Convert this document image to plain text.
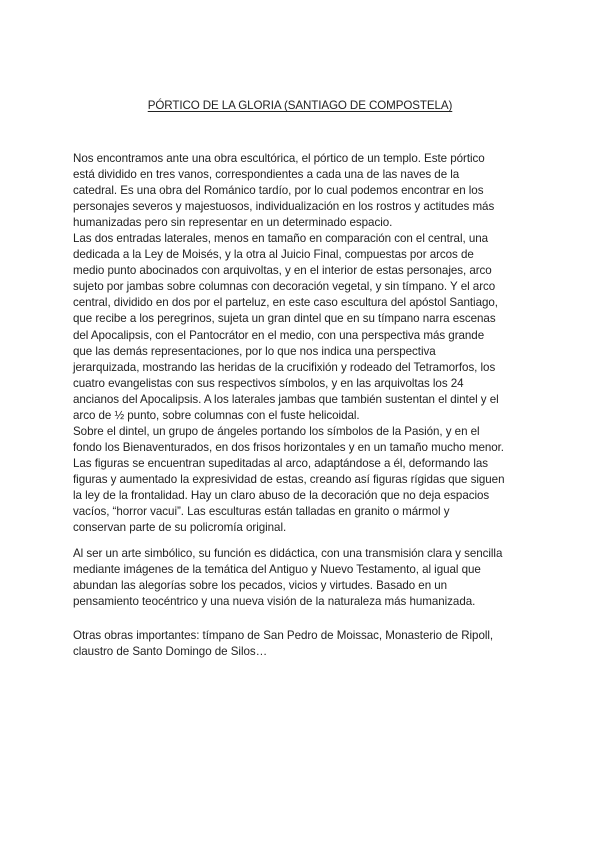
PÓRTICO DE LA GLORIA (SANTIAGO DE COMPOSTELA)
Nos encontramos ante una obra escultórica, el pórtico de un templo. Este pórtico
está dividido en tres vanos, correspondientes a cada una de las naves de la
catedral. Es una obra del Románico tardío, por lo cual podemos encontrar en los
personajes severos y majestuosos, individualización en los rostros y actitudes más
humanizadas pero sin representar en un determinado espacio.
Las dos entradas laterales, menos en tamaño en comparación con el central, una
dedicada a la Ley de Moisés, y la otra al Juicio Final, compuestas por arcos de
medio punto abocinados con arquivoltas, y en el interior de estas personajes, arco
sujeto por jambas sobre columnas con decoración vegetal, y sin tímpano. Y el arco
central, dividido en dos por el parteluz, en este caso escultura del apóstol Santiago,
que recibe a los peregrinos, sujeta un gran dintel que en su tímpano narra escenas
del Apocalipsis, con el Pantocrátor en el medio, con una perspectiva más grande
que las demás representaciones, por lo que nos indica una perspectiva
jerarquizada, mostrando las heridas de la crucifixión y rodeado del Tetramorfos, los
cuatro evangelistas con sus respectivos símbolos, y en las arquivoltas los 24
ancianos del Apocalipsis. A los laterales jambas que también sustentan el dintel y el
arco de ½ punto, sobre columnas con el fuste helicoidal.
Sobre el dintel, un grupo de ángeles portando los símbolos de la Pasión, y en el
fondo los Bienaventurados, en dos frisos horizontales y en un tamaño mucho menor.
Las figuras se encuentran supeditadas al arco, adaptándose a él, deformando las
figuras y aumentado la expresividad de estas, creando así figuras rígidas que siguen
la ley de la frontalidad. Hay un claro abuso de la decoración que no deja espacios
vacíos, “horror vacui”. Las esculturas están talladas en granito o mármol y
conservan parte de su policromía original.
Al ser un arte simbólico, su función es didáctica, con una transmisión clara y sencilla
mediante imágenes de la temática del Antiguo y Nuevo Testamento, al igual que
abundan las alegorías sobre los pecados, vicios y virtudes. Basado en un
pensamiento teocéntrico y una nueva visión de la naturaleza más humanizada.
Otras obras importantes: tímpano de San Pedro de Moissac, Monasterio de Ripoll,
claustro de Santo Domingo de Silos…
